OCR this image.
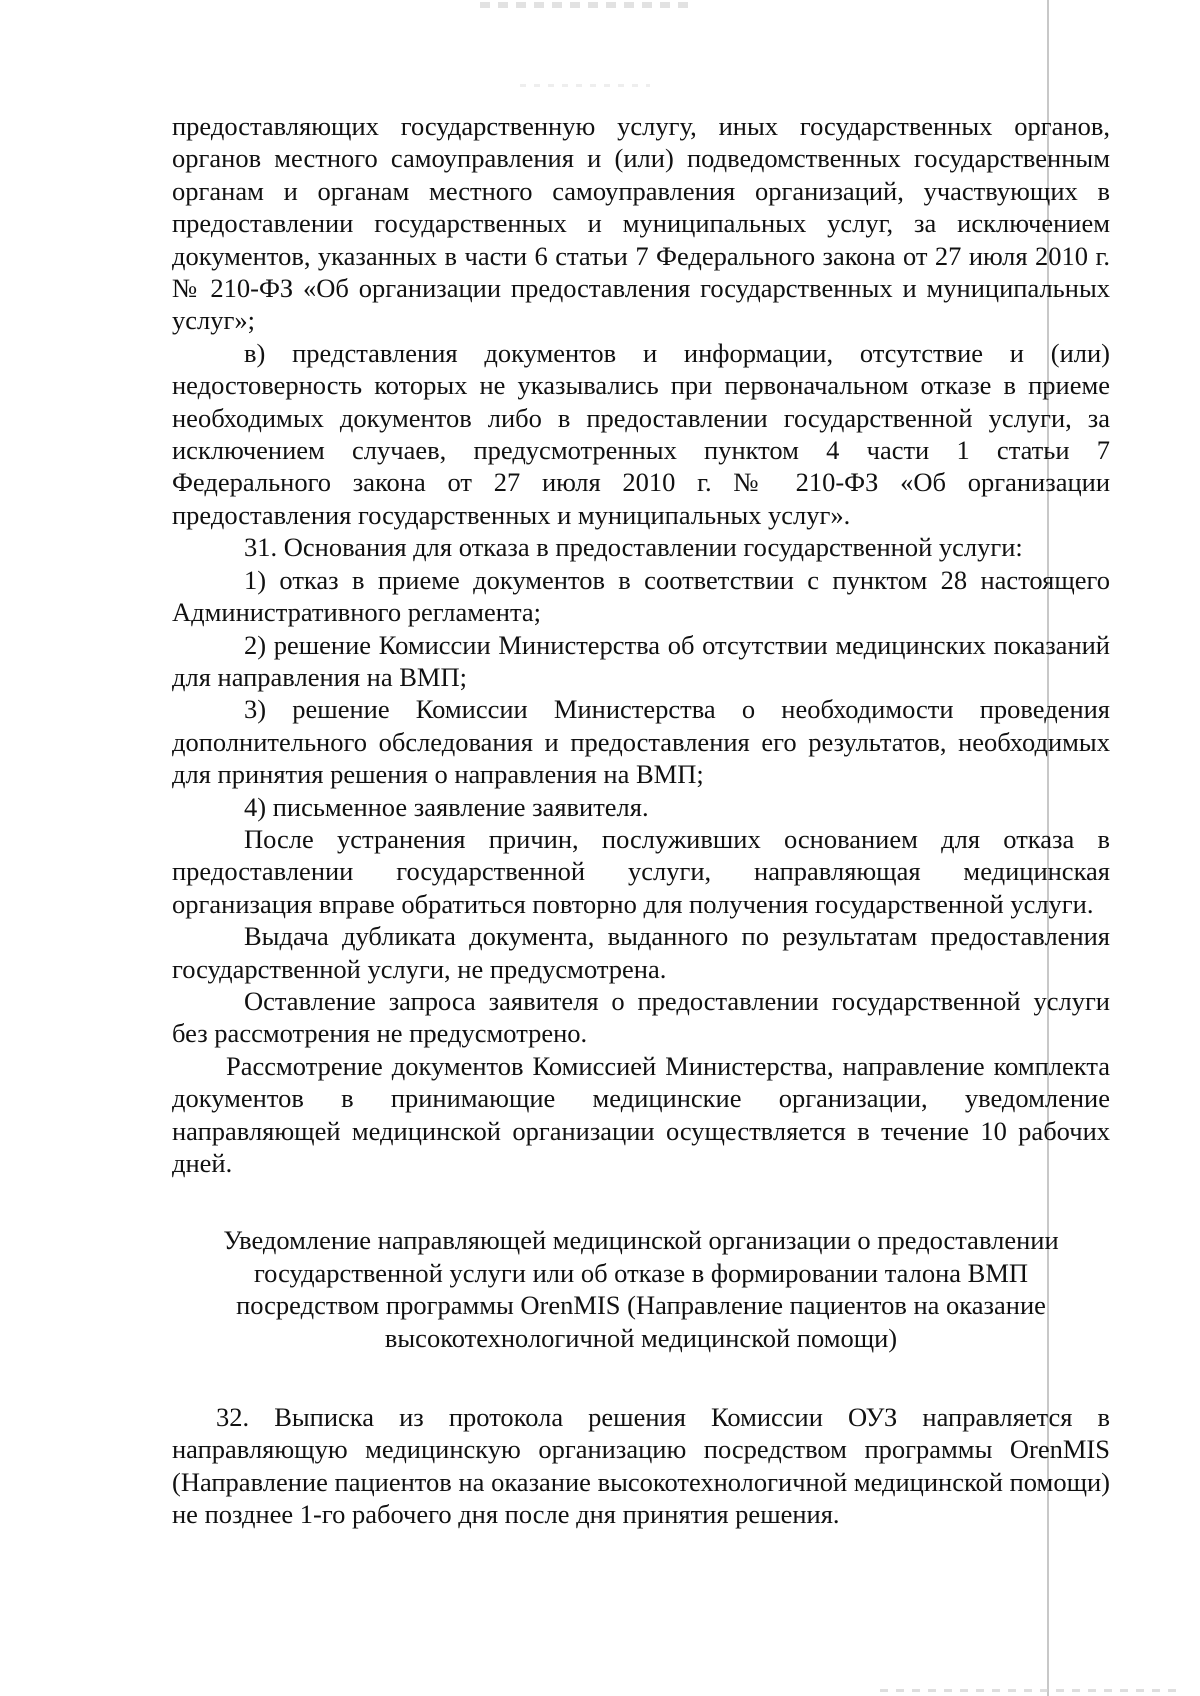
предоставляющих государственную услугу, иных государственных органов, органов местного самоуправления и (или) подведомственных государственным органам и органам местного самоуправления организаций, участвующих в предоставлении государственных и муниципальных услуг, за исключением документов, указанных в части 6 статьи 7 Федерального закона от 27 июля 2010 г. № 210-ФЗ «Об организации предоставления государственных и муниципальных услуг»;

в) представления документов и информации, отсутствие и (или) недостоверность которых не указывались при первоначальном отказе в приеме необходимых документов либо в предоставлении государственной услуги, за исключением случаев, предусмотренных пунктом 4 части 1 статьи 7 Федерального закона от 27 июля 2010 г. № 210-ФЗ «Об организации предоставления государственных и муниципальных услуг».

31. Основания для отказа в предоставлении государственной услуги:

1) отказ в приеме документов в соответствии с пунктом 28 настоящего Административного регламента;

2) решение Комиссии Министерства об отсутствии медицинских показаний для направления на ВМП;

3) решение Комиссии Министерства о необходимости проведения дополнительного обследования и предоставления его результатов, необходимых для принятия решения о направления на ВМП;

4) письменное заявление заявителя.

После устранения причин, послуживших основанием для отказа в предоставлении государственной услуги, направляющая медицинская организация вправе обратиться повторно для получения государственной услуги.

Выдача дубликата документа, выданного по результатам предоставления государственной услуги, не предусмотрена.

Оставление запроса заявителя о предоставлении государственной услуги без рассмотрения не предусмотрено.

Рассмотрение документов Комиссией Министерства, направление комплекта документов в принимающие медицинские организации, уведомление направляющей медицинской организации осуществляется в течение 10 рабочих дней.

Уведомление направляющей медицинской организации о предоставлении государственной услуги или об отказе в формировании талона ВМП посредством программы OrenMIS (Направление пациентов на оказание высокотехнологичной медицинской помощи)

32. Выписка из протокола решения Комиссии ОУЗ направляется в направляющую медицинскую организацию посредством программы OrenMIS (Направление пациентов на оказание высокотехнологичной медицинской помощи) не позднее 1-го рабочего дня после дня принятия решения.
